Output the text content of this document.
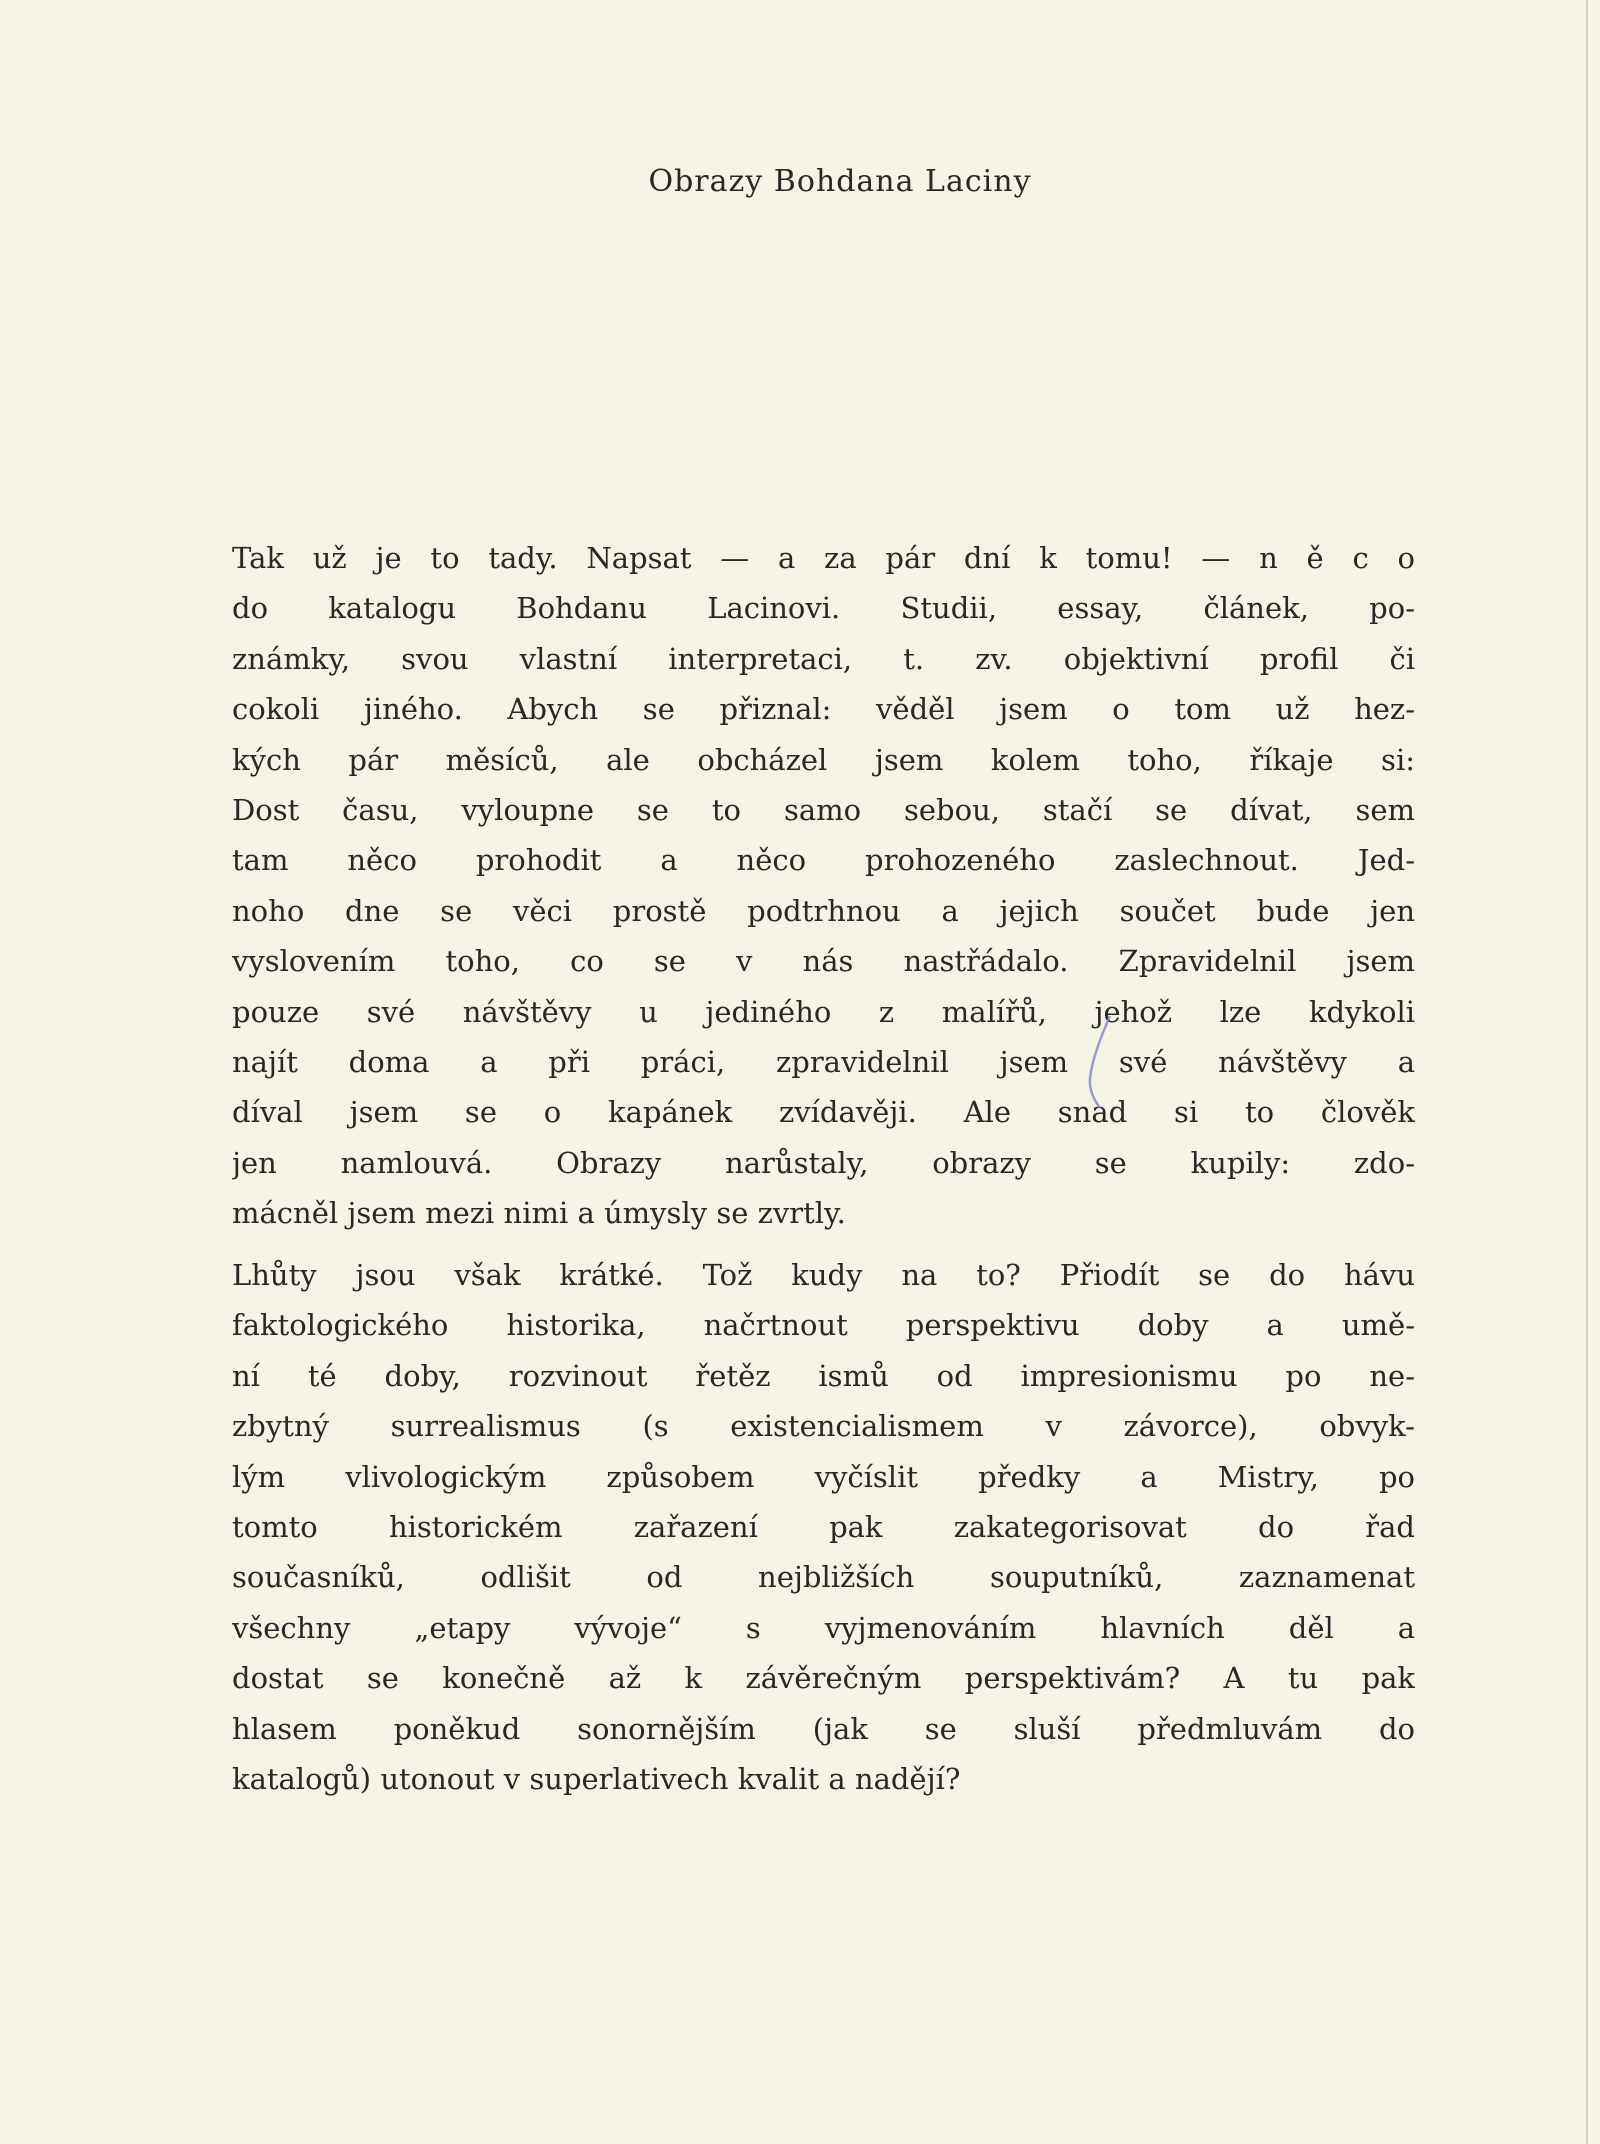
Obrazy Bohdana Laciny
Tak už je to tady. Napsat — a za pár dní k tomu! — n ě c o
do katalogu Bohdanu Lacinovi. Studii, essay, článek, po-
známky, svou vlastní interpretaci, t. zv. objektivní profil či
cokoli jiného. Abych se přiznal: věděl jsem o tom už hez-
kých pár měsíců, ale obcházel jsem kolem toho, říkaje si:
Dost času, vyloupne se to samo sebou, stačí se dívat, sem
tam něco prohodit a něco prohozeného zaslechnout. Jed-
noho dne se věci prostě podtrhnou a jejich součet bude jen
vyslovením toho, co se v nás nastřádalo. Zpravidelnil jsem
pouze své návštěvy u jediného z malířů, jehož lze kdykoli
najít doma a při práci, zpravidelnil jsem své návštěvy a
díval jsem se o kapánek zvídavěji. Ale snad si to člověk
jen namlouvá. Obrazy narůstaly, obrazy se kupily: zdo-
mácněl jsem mezi nimi a úmysly se zvrtly.
Lhůty jsou však krátké. Tož kudy na to? Přiodít se do hávu
faktologického historika, načrtnout perspektivu doby a umě-
ní té doby, rozvinout řetěz ismů od impresionismu po ne-
zbytný surrealismus (s existencialismem v závorce), obvyk-
lým vlivologickým způsobem vyčíslit předky a Mistry, po
tomto historickém zařazení pak zakategorisovat do řad
současníků, odlišit od nejbližších souputníků, zaznamenat
všechny „etapy vývoje“ s vyjmenováním hlavních děl a
dostat se konečně až k závěrečným perspektivám? A tu pak
hlasem poněkud sonornějším (jak se sluší předmluvám do
katalogů) utonout v superlativech kvalit a nadějí?
